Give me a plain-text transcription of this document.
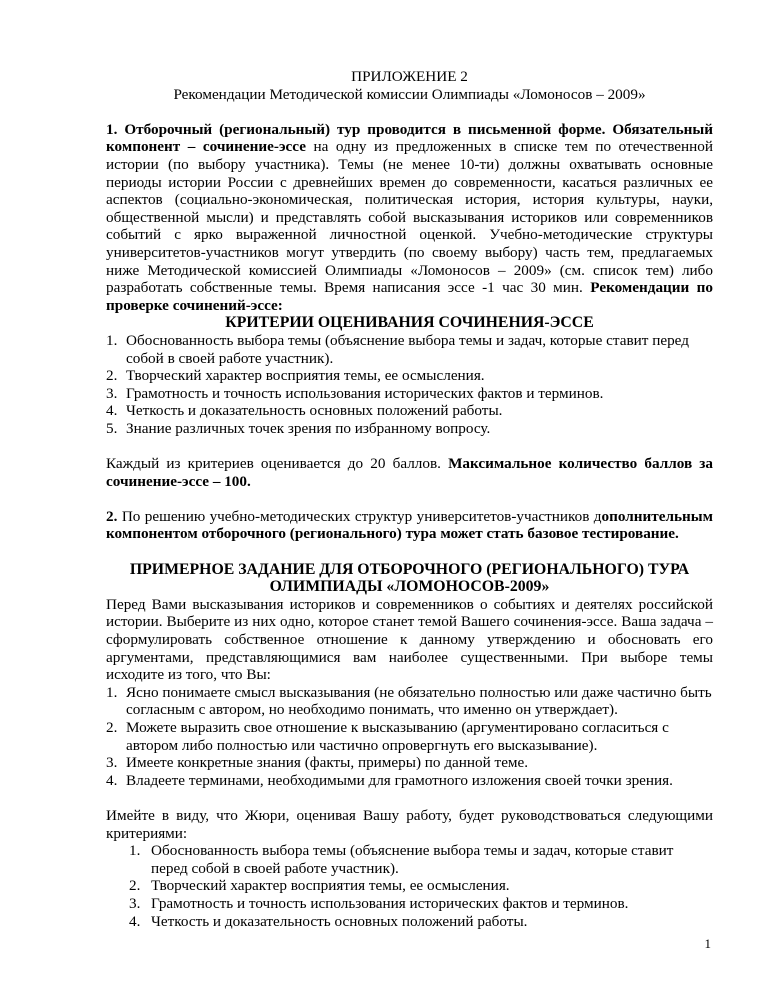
ПРИЛОЖЕНИЕ 2

Рекомендации Методической комиссии Олимпиады «Ломоносов – 2009»

1. Отборочный (региональный) тур проводится в письменной форме. Обязательный компонент – сочинение-эссе на одну из предложенных в списке тем по отечественной истории (по выбору участника). Темы (не менее 10-ти) должны охватывать основные периоды истории России с древнейших времен до современности, касаться различных ее аспектов (социально-экономическая, политическая история, история культуры, науки, общественной мысли) и представлять собой высказывания историков или современников событий с ярко выраженной личностной оценкой. Учебно-методические структуры университетов-участников могут утвердить (по своему выбору) часть тем, предлагаемых ниже Методической комиссией Олимпиады «Ломоносов – 2009» (см. список тем) либо разработать собственные темы. Время написания эссе -1 час 30 мин. Рекомендации по проверке сочинений-эссе:

КРИТЕРИИ ОЦЕНИВАНИЯ СОЧИНЕНИЯ-ЭССЕ

1. Обоснованность выбора темы (объяснение выбора темы и задач, которые ставит перед собой в своей работе участник).
2. Творческий характер восприятия темы, ее осмысления.
3. Грамотность и точность использования исторических фактов и терминов.
4. Четкость и доказательность основных положений работы.
5. Знание различных точек зрения по избранному вопросу.

Каждый из критериев оценивается до 20 баллов. Максимальное количество баллов за сочинение-эссе – 100.

2. По решению учебно-методических структур университетов-участников дополнительным компонентом отборочного (регионального) тура может стать базовое тестирование.

ПРИМЕРНОЕ ЗАДАНИЕ ДЛЯ ОТБОРОЧНОГО (РЕГИОНАЛЬНОГО) ТУРА

ОЛИМПИАДЫ «ЛОМОНОСОВ-2009»

Перед Вами высказывания историков и современников о событиях и деятелях российской истории. Выберите из них одно, которое станет темой Вашего сочинения-эссе. Ваша задача – сформулировать собственное отношение к данному утверждению и обосновать его аргументами, представляющимися вам наиболее существенными. При выборе темы исходите из того, что Вы:

1. Ясно понимаете смысл высказывания (не обязательно полностью или даже частично быть согласным с автором, но необходимо понимать, что именно он утверждает).
2. Можете выразить свое отношение к высказыванию (аргументировано согласиться с автором либо полностью или частично опровергнуть его высказывание).
3. Имеете конкретные знания (факты, примеры) по данной теме.
4. Владеете терминами, необходимыми для грамотного изложения своей точки зрения.

Имейте в виду, что Жюри, оценивая Вашу работу, будет руководствоваться следующими критериями:

1. Обоснованность выбора темы (объяснение выбора темы и задач, которые ставит перед собой в своей работе участник).
2. Творческий характер восприятия темы, ее осмысления.
3. Грамотность и точность использования исторических фактов и терминов.
4. Четкость и доказательность основных положений работы.
1
